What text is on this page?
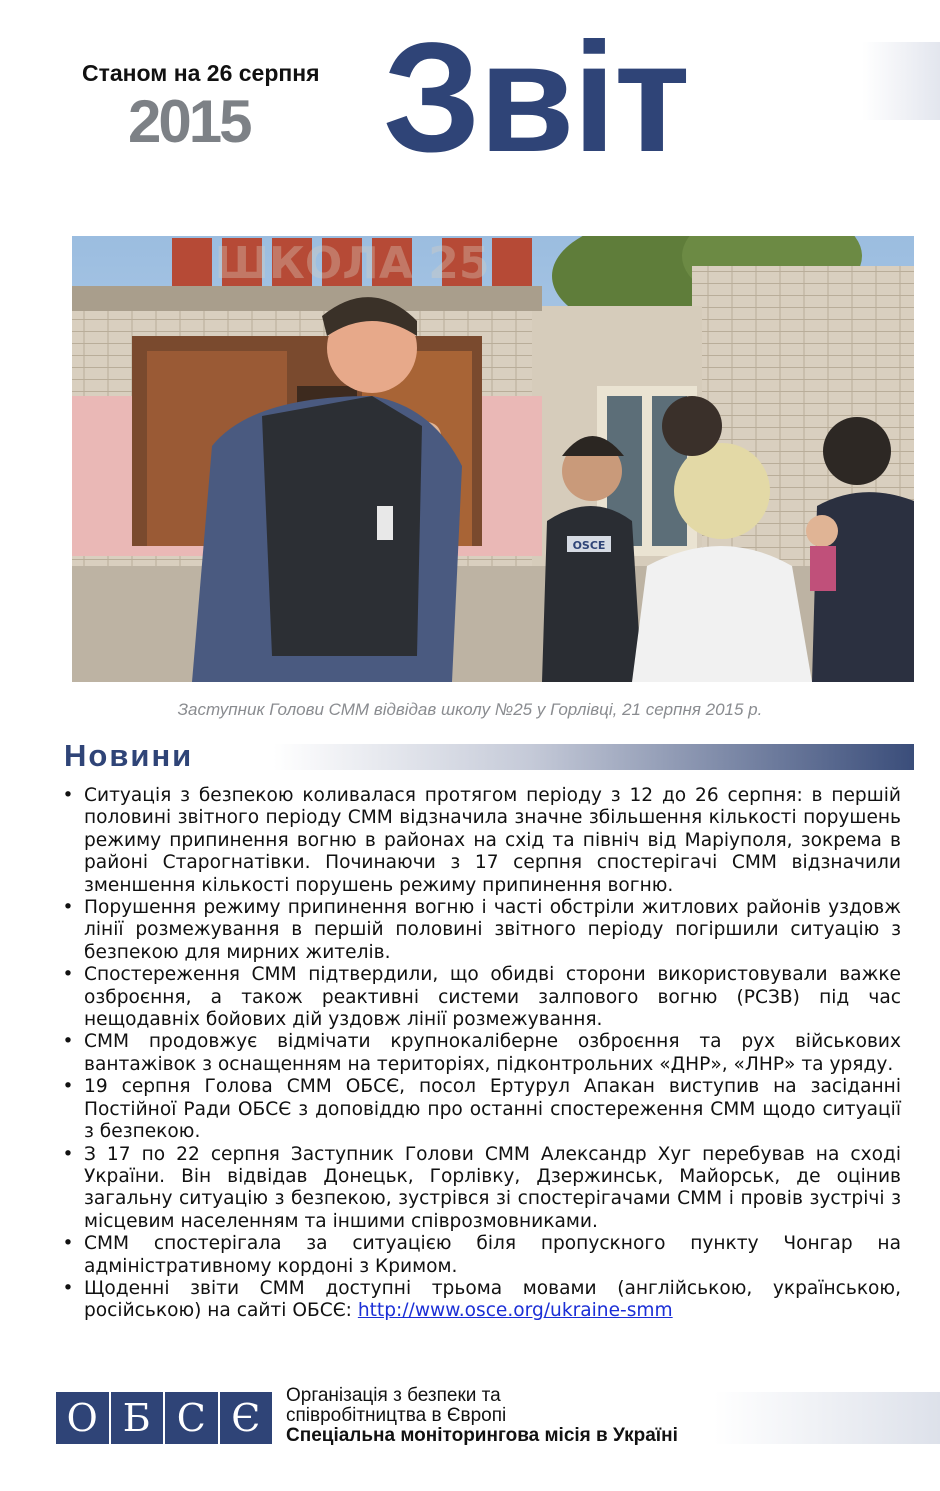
Станом на 26 серпня
2015 Звіт
ШКОЛА 25
OSCE
Заступник Голови СММ відвідав школу №25 у Горлівці, 21 серпня 2015 р.
Новини
• Ситуація з безпекою коливалася протягом періоду з 12 до 26 серпня: в першій половині звітного періоду СММ відзначила значне збільшення кількості порушень режиму припинення вогню в районах на схід та північ від Маріуполя, зокрема в районі Старогнатівки. Починаючи з 17 серпня спостерігачі СММ відзначили зменшення кількості порушень режиму припинення вогню.
• Порушення режиму припинення вогню і часті обстріли житлових районів уздовж лінії розмежування в першій половині звітного періоду погіршили ситуацію з безпекою для мирних жителів.
• Спостереження СММ підтвердили, що обидві сторони використовували важке озброєння, а також реактивні системи залпового вогню (РСЗВ) під час нещодавніх бойових дій уздовж лінії розмежування.
• СММ продовжує відмічати крупнокаліберне озброєння та рух військових вантажівок з оснащенням на територіях, підконтрольних «ДНР», «ЛНР» та уряду.
• 19 серпня Голова СММ ОБСЄ, посол Ертурул Апакан виступив на засіданні Постійної Ради ОБСЄ з доповіддю про останні спостереження СММ щодо ситуації з безпекою.
• З 17 по 22 серпня Заступник Голови СММ Александр Хуг перебував на сході України. Він відвідав Донецьк, Горлівку, Дзержинськ, Майорськ, де оцінив загальну ситуацію з безпекою, зустрівся зі спостерігачами СММ і провів зустрічі з місцевим населенням та іншими співрозмовниками.
• СММ спостерігала за ситуацією біля пропускного пункту Чонгар на адміністративному кордоні з Кримом.
• Щоденні звіти СММ доступні трьома мовами (англійською, українською, російською) на сайті ОБСЄ: http://www.osce.org/ukraine-smm
О Б С Є
Організація з безпеки та
співробітництва в Європі
Спеціальна моніторингова місія в Україні
